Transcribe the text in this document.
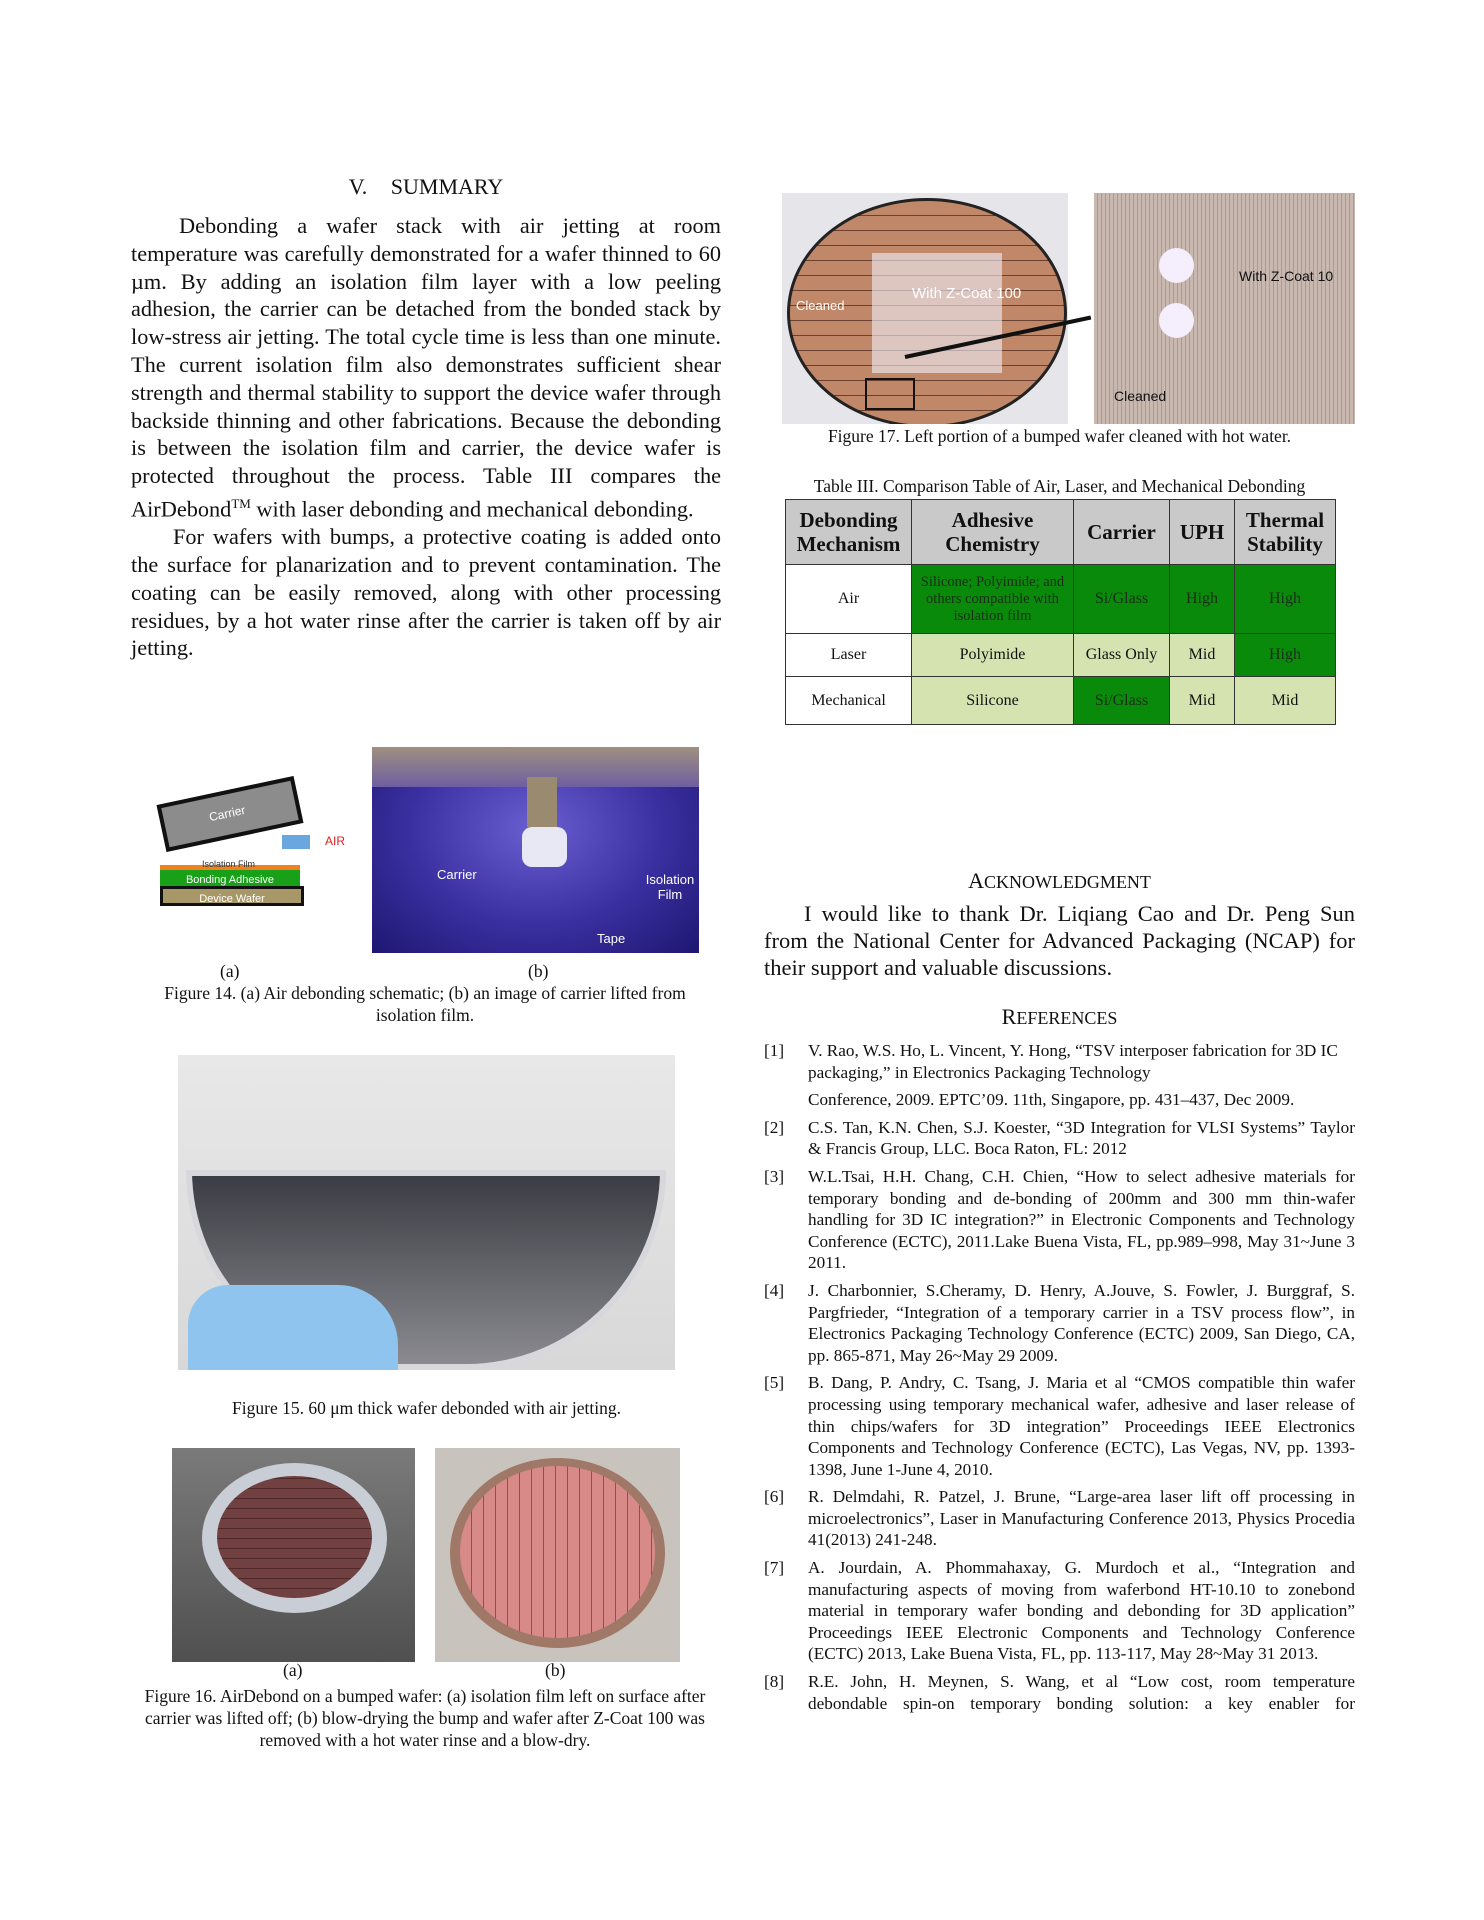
V. SUMMARY

Debonding a wafer stack with air jetting at room temperature was carefully demonstrated for a wafer thinned to 60 µm. By adding an isolation film layer with a low peeling adhesion, the carrier can be detached from the bonded stack by low-stress air jetting. The total cycle time is less than one minute. The current isolation film also demonstrates sufficient shear strength and thermal stability to support the device wafer through backside thinning and other fabrications. Because the debonding is between the isolation film and carrier, the device wafer is protected throughout the process. Table III compares the AirDebond™ with laser debonding and mechanical debonding.

For wafers with bumps, a protective coating is added onto the surface for planarization and to prevent contamination. The coating can be easily removed, along with other processing residues, by a hot water rinse after the carrier is taken off by air jetting.

Carrier
AIR
Isolation Film
Bonding Adhesive
Device Wafer
Carrier	Isolation Film
Tape
(a)	(b)
Figure 14. (a) Air debonding schematic; (b) an image of carrier lifted from isolation film.
Figure 15. 60 μm thick wafer debonded with air jetting.
(a)	(b)
Figure 16. AirDebond on a bumped wafer: (a) isolation film left on surface after carrier was lifted off; (b) blow-drying the bump and wafer after Z-Coat 100 was removed with a hot water rinse and a blow-dry.
Cleaned
With Z-Coat 100
With Z-Coat 10
Cleaned
Figure 17. Left portion of a bumped wafer cleaned with hot water.
Table III. Comparison Table of Air, Laser, and Mechanical Debonding
Debonding Mechanism	Adhesive Chemistry	Carrier	UPH	Thermal Stability
Air	Silicone; Polyimide; and others compatible with isolation film	Si/Glass	High	High
Laser	Polyimide	Glass Only	Mid	High
Mechanical	Silicone	Si/Glass	Mid	Mid
ACKNOWLEDGMENT
I would like to thank Dr. Liqiang Cao and Dr. Peng Sun from the National Center for Advanced Packaging (NCAP) for their support and valuable discussions.
REFERENCES
[1]	V. Rao, W.S. Ho, L. Vincent, Y. Hong, “TSV interposer fabrication for 3D IC packaging,” in Electronics Packaging Technology
Conference, 2009. EPTC’09. 11th, Singapore, pp. 431–437, Dec 2009.
[2]	C.S. Tan, K.N. Chen, S.J. Koester, “3D Integration for VLSI Systems” Taylor & Francis Group, LLC. Boca Raton, FL: 2012
[3]	W.L.Tsai, H.H. Chang, C.H. Chien, “How to select adhesive materials for temporary bonding and de-bonding of 200mm and 300 mm thin-wafer handling for 3D IC integration?” in Electronic Components and Technology Conference (ECTC), 2011.Lake Buena Vista, FL, pp.989–998, May 31~June 3 2011.
[4]	J. Charbonnier, S.Cheramy, D. Henry, A.Jouve, S. Fowler, J. Burggraf, S. Pargfrieder, “Integration of a temporary carrier in a TSV process flow”, in Electronics Packaging Technology Conference (ECTC) 2009, San Diego, CA, pp. 865-871, May 26~May 29 2009.
[5]	B. Dang, P. Andry, C. Tsang, J. Maria et al “CMOS compatible thin wafer processing using temporary mechanical wafer, adhesive and laser release of thin chips/wafers for 3D integration” Proceedings IEEE Electronics Components and Technology Conference (ECTC), Las Vegas, NV, pp. 1393-1398, June 1-June 4, 2010.
[6]	R. Delmdahi, R. Patzel, J. Brune, “Large-area laser lift off processing in microelectronics”, Laser in Manufacturing Conference 2013, Physics Procedia 41(2013) 241-248.
[7]	A. Jourdain, A. Phommahaxay, G. Murdoch et al., “Integration and manufacturing aspects of moving from waferbond HT-10.10 to zonebond material in temporary wafer bonding and debonding for 3D application” Proceedings IEEE Electronic Components and Technology Conference (ECTC) 2013, Lake Buena Vista, FL, pp. 113-117, May 28~May 31 2013.
[8]	R.E. John, H. Meynen, S. Wang, et al “Low cost, room temperature debondable spin-on temporary bonding solution: a key enabler for
